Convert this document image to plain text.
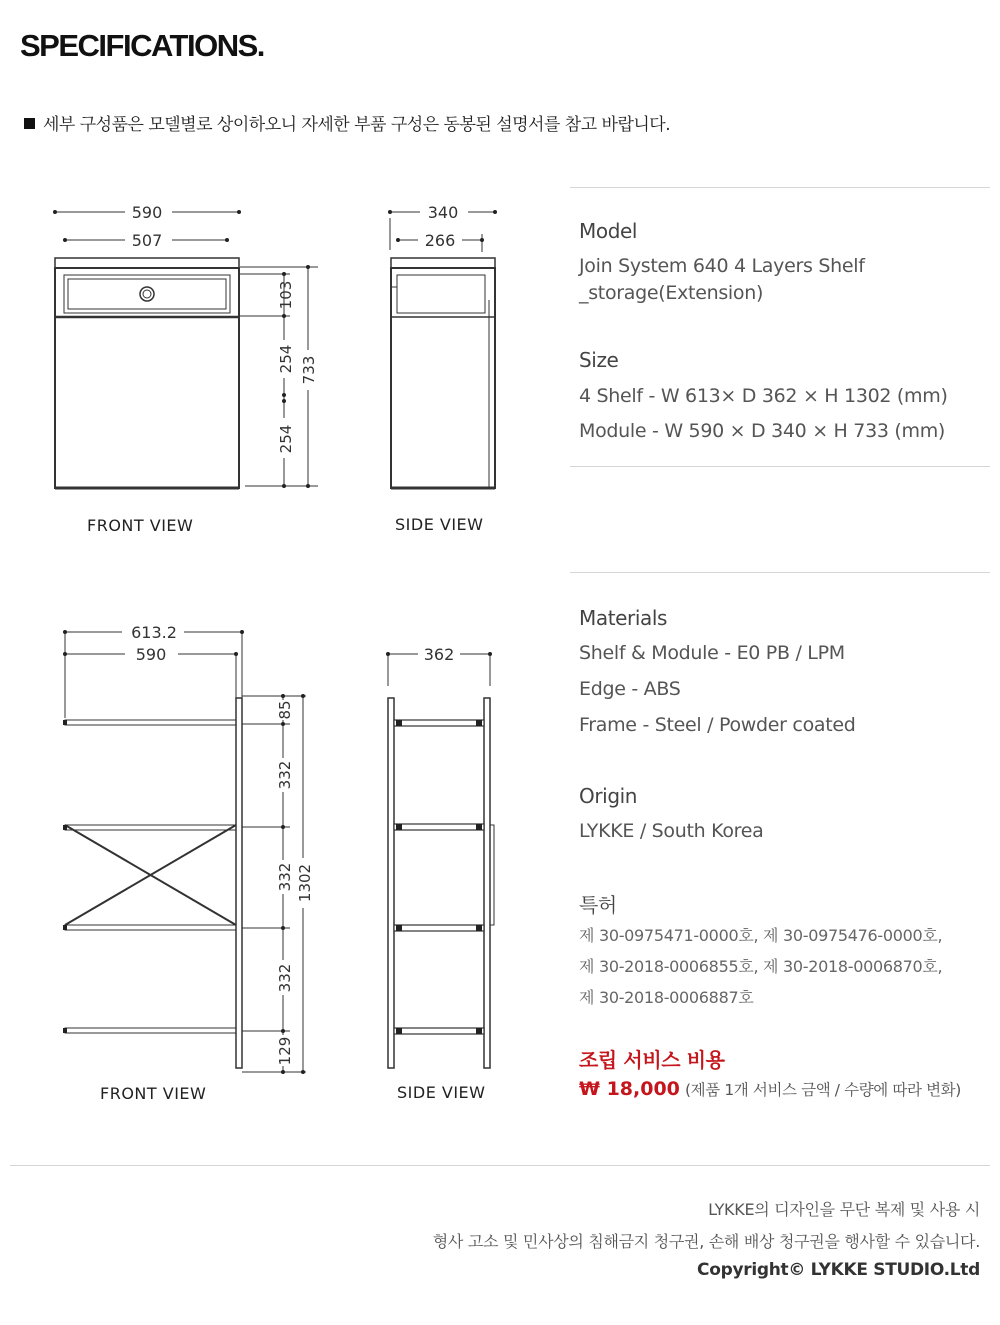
SPECIFICATIONS.
세부 구성품은 모델별로 상이하오니 자세한 부품 구성은 동봉된 설명서를 참고 바랍니다.
590
507
340
266
103
254
254
733
FRONT VIEW	SIDE VIEW
613.2
590	362
85
332
332
332
129
1302
FRONT VIEW	SIDE VIEW
Model
Join System 640 4 Layers Shelf
_storage(Extension)
Size
4 Shelf - W 613× D 362 × H 1302 (mm)
Module - W 590 × D 340 × H 733 (mm)
Materials
Shelf & Module - E0 PB / LPM
Edge - ABS
Frame - Steel / Powder coated
Origin
LYKKE / South Korea
특허
제 30-0975471-0000호, 제 30-0975476-0000호,
제 30-2018-0006855호, 제 30-2018-0006870호,
제 30-2018-0006887호
조립 서비스 비용
₩ 18,000 (제품 1개 서비스 금액 / 수량에 따라 변화)
LYKKE의 디자인을 무단 복제 및 사용 시
형사 고소 및 민사상의 침해금지 청구권, 손해 배상 청구권을 행사할 수 있습니다.
Copyright© LYKKE STUDIO.Ltd
